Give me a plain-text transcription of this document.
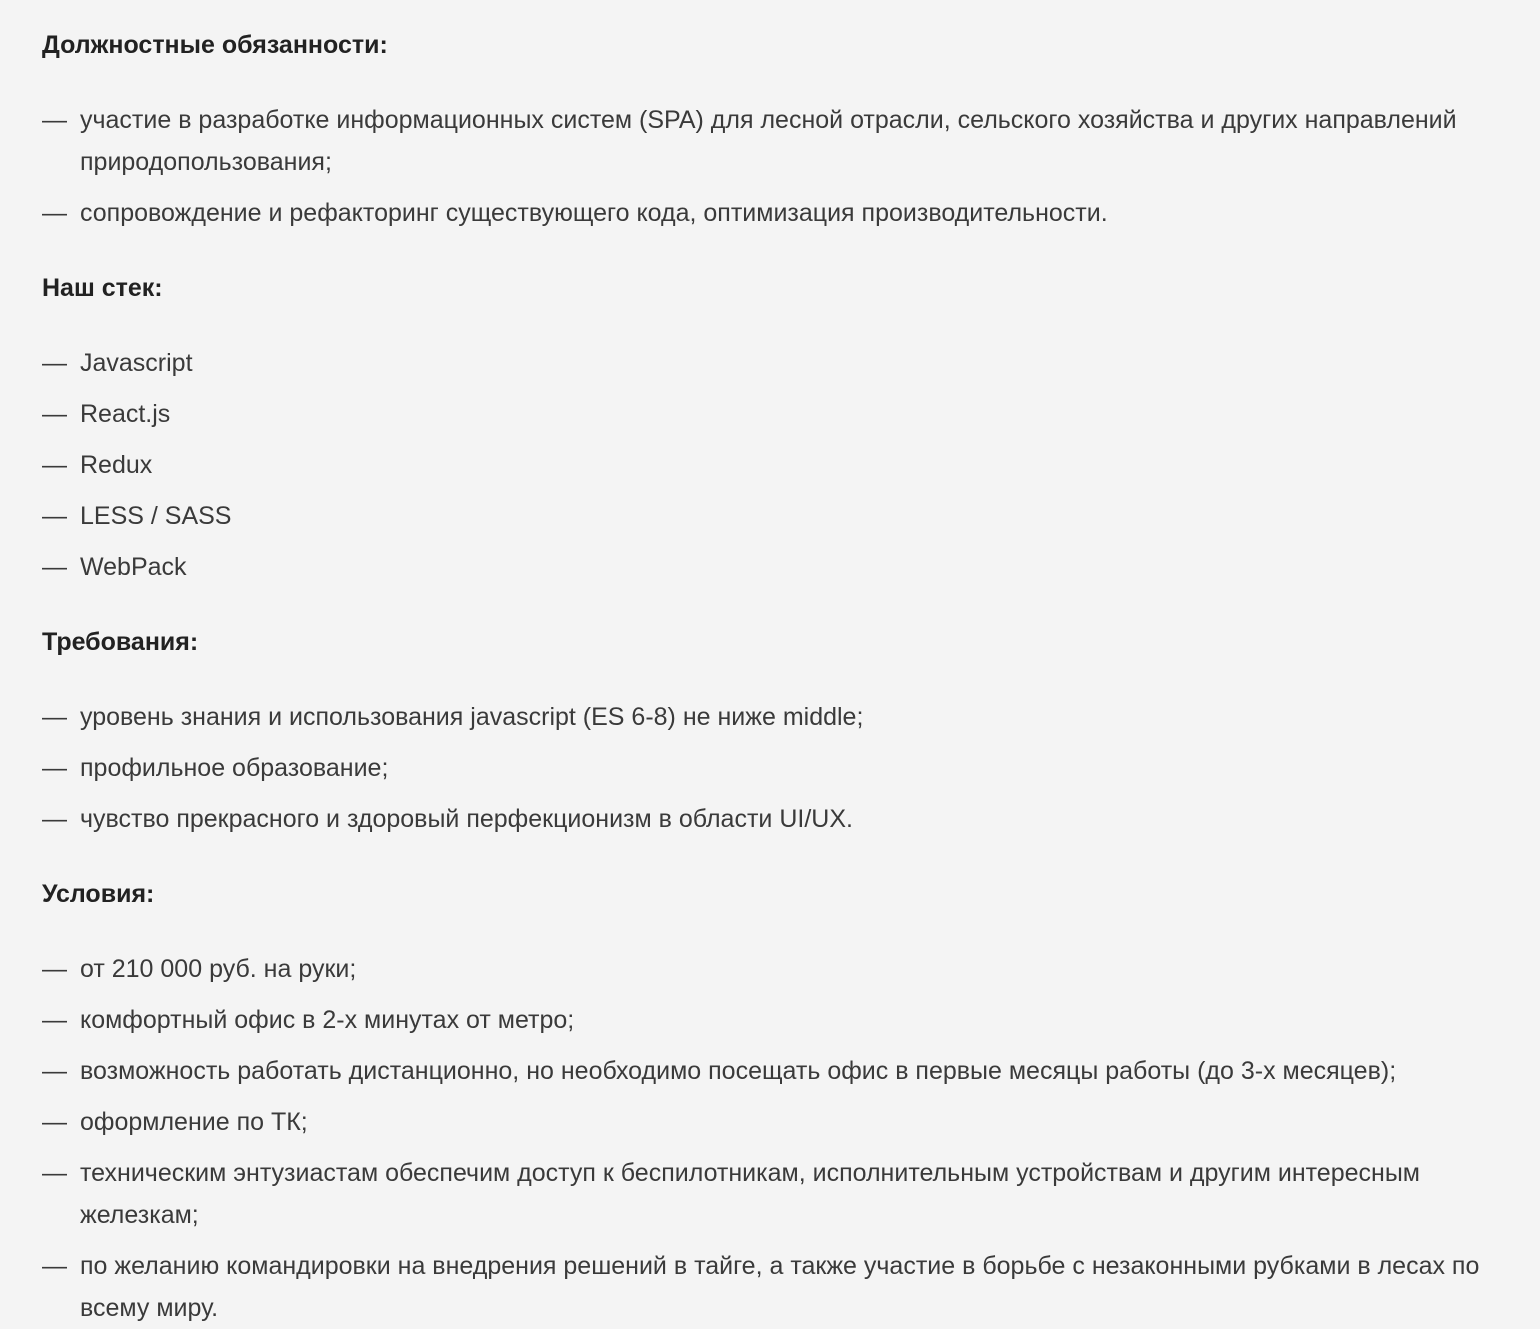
Должностные обязанности:
— участие в разработке информационных систем (SPA) для лесной отрасли, сельского хозяйства и других направлений природопользования;
— сопровождение и рефакторинг существующего кода, оптимизация производительности.
Наш стек:
— Javascript
— React.js
— Redux
— LESS / SASS
— WebPack
Требования:
— уровень знания и использования javascript (ES 6-8) не ниже middle;
— профильное образование;
— чувство прекрасного и здоровый перфекционизм в области UI/UX.
Условия:
— от 210 000 руб. на руки;
— комфортный офис в 2-х минутах от метро;
— возможность работать дистанционно, но необходимо посещать офис в первые месяцы работы (до 3-х месяцев);
— оформление по ТК;
— техническим энтузиастам обеспечим доступ к беспилотникам, исполнительным устройствам и другим интересным железкам;
— по желанию командировки на внедрения решений в тайге, а также участие в борьбе с незаконными рубками в лесах по всему миру.
